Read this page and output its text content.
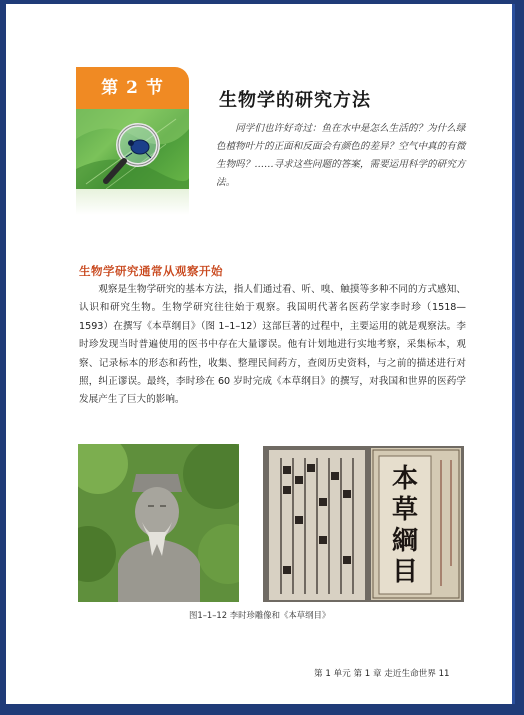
第 2 节
生物学的研究方法
同学们也许好奇过：鱼在水中是怎么生活的？为什么绿色植物叶片的正面和反面会有颜色的差异？空气中真的有微生物吗？……寻求这些问题的答案，需要运用科学的研究方法。
生物学研究通常从观察开始
观察是生物学研究的基本方法，指人们通过看、听、嗅、触摸等多种不同的方式感知、认识和研究生物。生物学研究往往始于观察。我国明代著名医药学家李时珍（1518—1593）在撰写《本草纲目》（图 1–1–12）这部巨著的过程中，主要运用的就是观察法。李时珍发现当时普遍使用的医书中存在大量谬误。他有计划地进行实地考察，采集标本，观察、记录标本的形态和药性，收集、整理民间药方，查阅历史资料，与之前的描述进行对照，纠正谬误。最终，李时珍在 60 岁时完成《本草纲目》的撰写，对我国和世界的医药学发展产生了巨大的影响。
本
草
綱
目
图1–1–12 李时珍雕像和《本草纲目》
第 1 单元 第 1 章 走近生命世界 11
